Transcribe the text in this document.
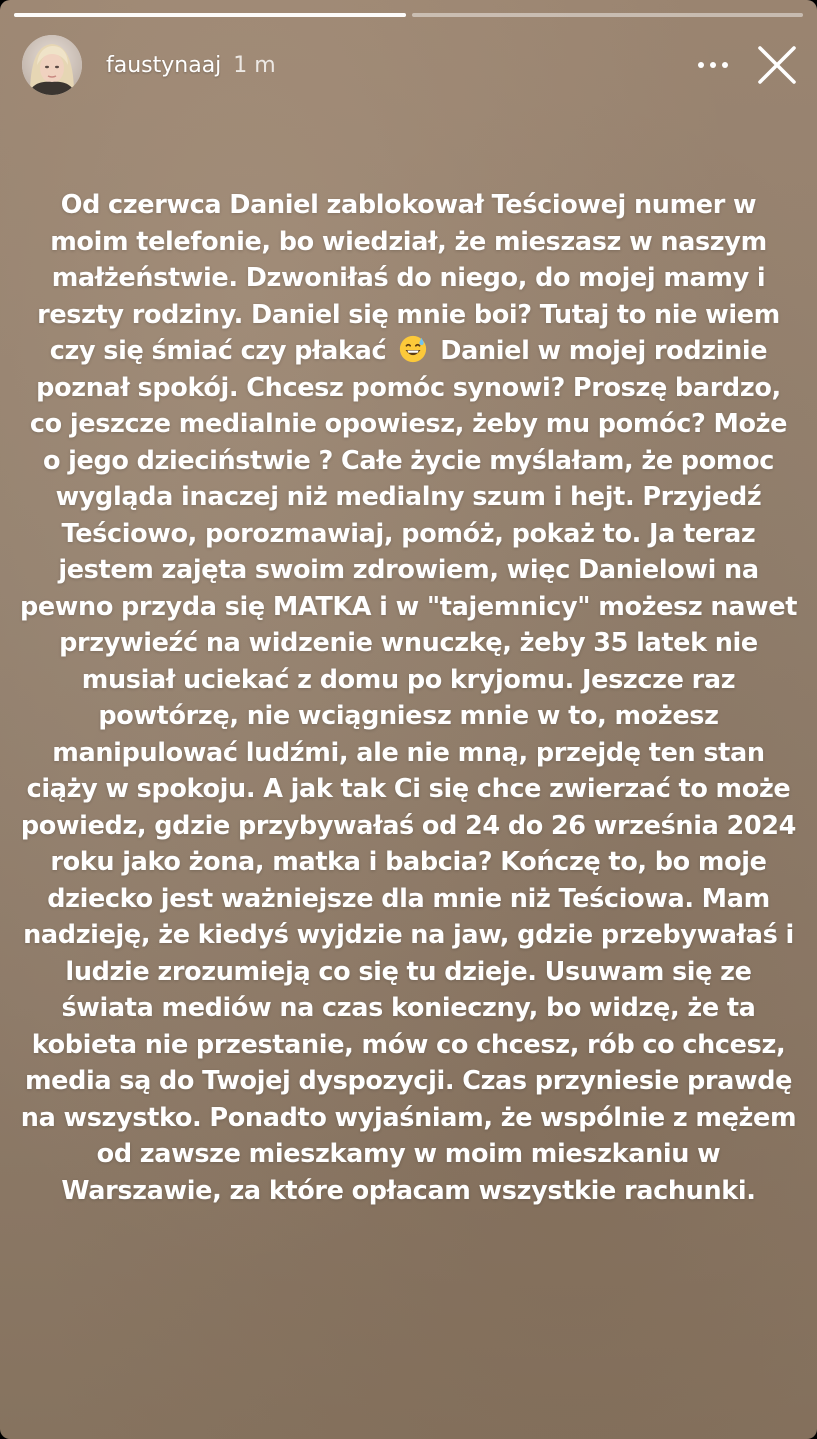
faustynaaj 1 m

Od czerwca Daniel zablokował Teściowej numer w moim telefonie, bo wiedział, że mieszasz w naszym małżeństwie. Dzwoniłaś do niego, do mojej mamy i reszty rodziny. Daniel się mnie boi? Tutaj to nie wiem czy się śmiać czy płakać  Daniel w mojej rodzinie poznał spokój. Chcesz pomóc synowi? Proszę bardzo, co jeszcze medialnie opowiesz, żeby mu pomóc? Może o jego dzieciństwie ? Całe życie myślałam, że pomoc wygląda inaczej niż medialny szum i hejt. Przyjedź Teściowo, porozmawiaj, pomóż, pokaż to. Ja teraz jestem zajęta swoim zdrowiem, więc Danielowi na pewno przyda się MATKA i w "tajemnicy" możesz nawet przywieźć na widzenie wnuczkę, żeby 35 latek nie musiał uciekać z domu po kryjomu. Jeszcze raz powtórzę, nie wciągniesz mnie w to, możesz manipulować ludźmi, ale nie mną, przejdę ten stan ciąży w spokoju. A jak tak Ci się chce zwierzać to może powiedz, gdzie przybywałaś od 24 do 26 września 2024 roku jako żona, matka i babcia? Kończę to, bo moje dziecko jest ważniejsze dla mnie niż Teściowa. Mam nadzieję, że kiedyś wyjdzie na jaw, gdzie przebywałaś i ludzie zrozumieją co się tu dzieje. Usuwam się ze świata mediów na czas konieczny, bo widzę, że ta kobieta nie przestanie, mów co chcesz, rób co chcesz, media są do Twojej dyspozycji. Czas przyniesie prawdę na wszystko. Ponadto wyjaśniam, że wspólnie z mężem od zawsze mieszkamy w moim mieszkaniu w Warszawie, za które opłacam wszystkie rachunki.
